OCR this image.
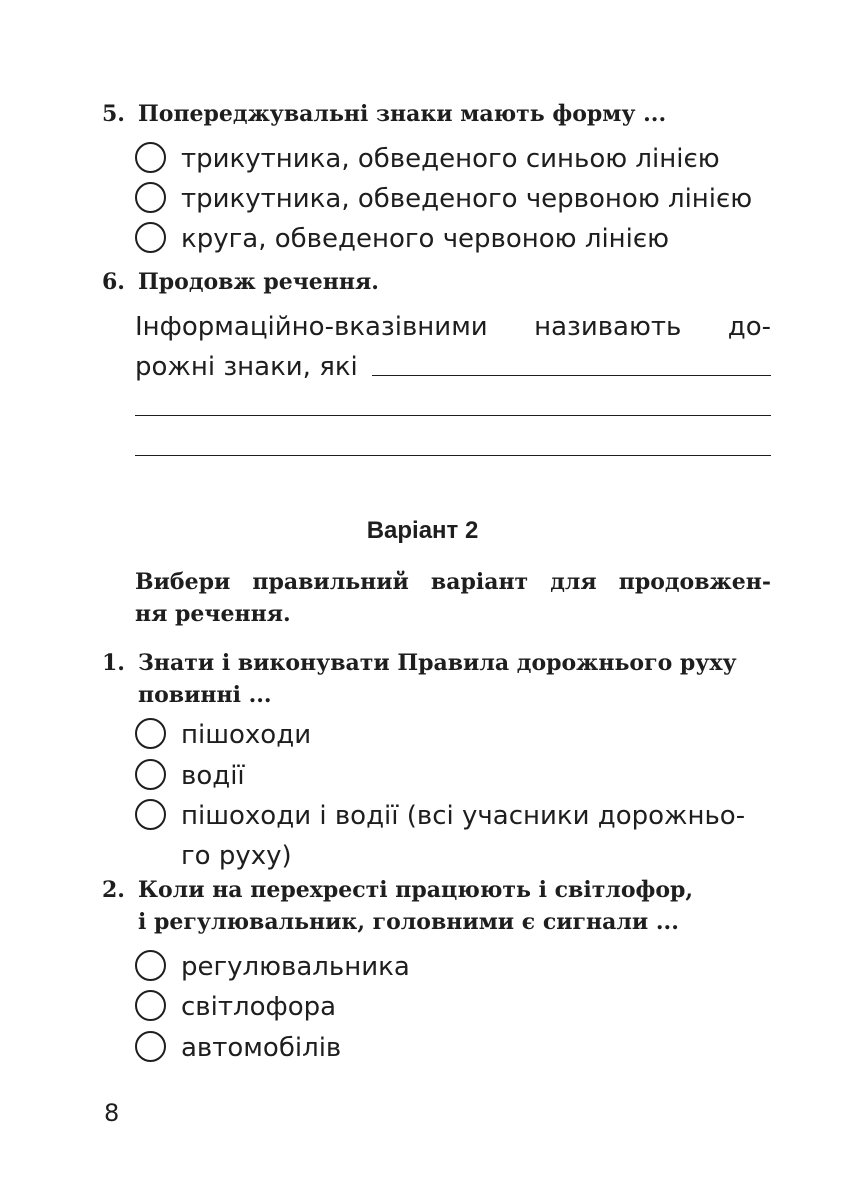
5. Попереджувальні знаки мають форму ...
трикутника, обведеного синьою лінією
трикутника, обведеного червоною лінією
круга, обведеного червоною лінією
6. Продовж речення.
Інформаційно-вказівними називають до-
рожні знаки, які
Варіант 2
Вибери правильний варіант для продовжен-
ня речення.
1. Знати і виконувати Правила дорожнього руху
повинні ...
пішоходи
водії
пішоходи і водії (всі учасники дорожньо-
го руху)
2. Коли на перехресті працюють і світлофор,
і регулювальник, головними є сигнали ...
регулювальника
світлофора
автомобілів
8
